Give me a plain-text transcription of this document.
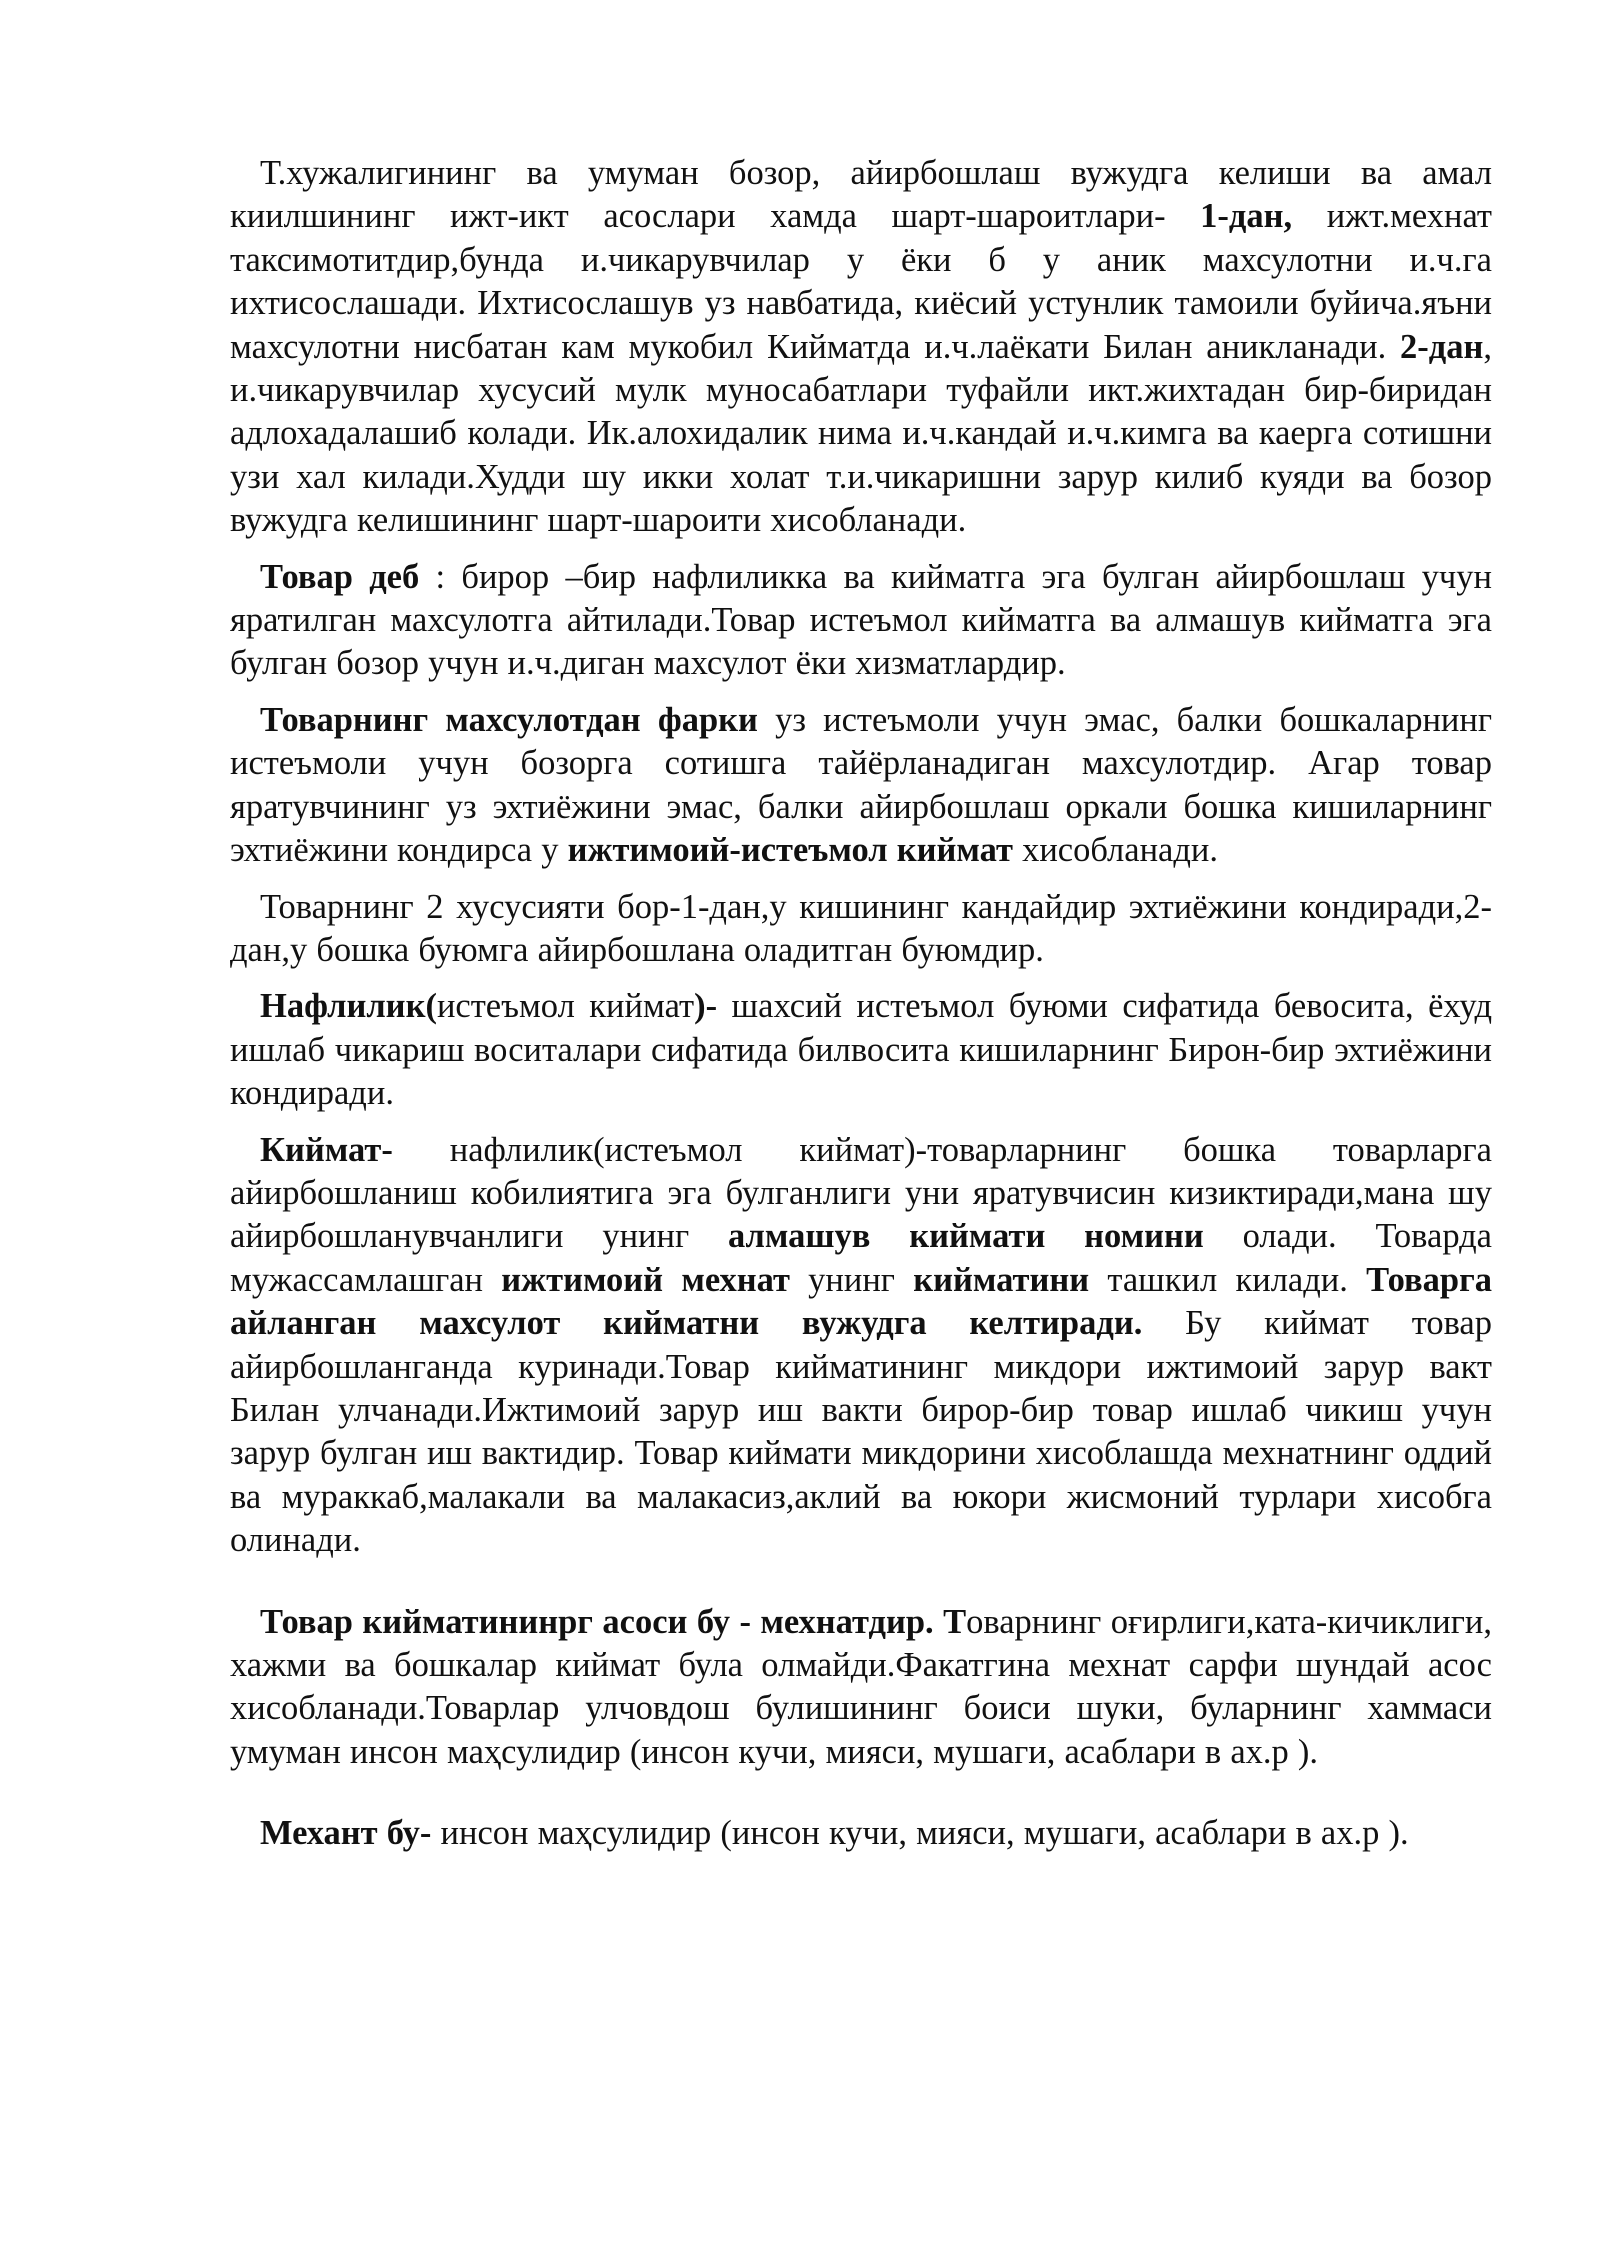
Т.хужалигининг ва умуман бозор, айирбошлаш вужудга келиши ва амал киилшининг ижт-икт асослари хамда шарт-шароитлари- 1-дан, ижт.мехнат таксимотитдир,бунда и.чикарувчилар у ёки б у аник махсулотни и.ч.га ихтисослашади. Ихтисослашув уз навбатида, киёсий устунлик тамоили буйича.яъни махсулотни нисбатан кам мукобил Кийматда и.ч.лаёкати Билан аникланади. 2-дан, и.чикарувчилар хусусий мулк муносабатлари туфайли икт.жихтадан бир-биридан адлохадалашиб колади. Ик.алохидалик нима и.ч.кандай и.ч.кимга ва каерга сотишни узи хал килади.Худди шу икки холат т.и.чикаришни зарур килиб куяди ва бозор вужудга келишининг шарт-шароити хисобланади.

Товар деб : бирор –бир нафлиликка ва кийматга эга булган айирбошлаш учун яратилган махсулотга айтилади.Товар истеъмол кийматга ва алмашув кийматга эга булган бозор учун и.ч.диган махсулот ёки хизматлардир.

Товарнинг махсулотдан фарки уз истеъмоли учун эмас, балки бошкаларнинг истеъмоли учун бозорга сотишга тайёрланадиган махсулотдир. Агар товар яратувчининг уз эхтиёжини эмас, балки айирбошлаш оркали бошка кишиларнинг эхтиёжини кондирса у ижтимоий-истеъмол киймат хисобланади.

Товарнинг 2 хусусияти бор-1-дан,у кишининг кандайдир эхтиёжини кондиради,2-дан,у бошка буюмга айирбошлана оладитган буюмдир.

Нафлилик(истеъмол киймат)- шахсий истеъмол буюми сифатида бевосита, ёхуд ишлаб чикариш воситалари сифатида билвосита кишиларнинг Бирон-бир эхтиёжини кондиради.

Киймат- нафлилик(истеъмол киймат)-товарларнинг бошка товарларга айирбошланиш кобилиятига эга булганлиги уни яратувчисин кизиктиради,мана шу айирбошланувчанлиги унинг алмашув киймати номини олади. Товарда мужассамлашган ижтимоий мехнат унинг кийматини ташкил килади. Товарга айланган махсулот кийматни вужудга келтиради. Бу киймат товар айирбошланганда куринади.Товар кийматининг микдори ижтимоий зарур вакт Билан улчанади.Ижтимоий зарур иш вакти бирор-бир товар ишлаб чикиш учун зарур булган иш вактидир. Товар киймати микдорини хисоблашда мехнатнинг оддий ва мураккаб,малакали ва малакасиз,аклий ва юкори жисмоний турлари хисобга олинади.

Товар кийматининрг асоси бу - мехнатдир. Товарнинг оғирлиги,ката-кичиклиги, хажми ва бошкалар киймат була олмайди.Факатгина мехнат сарфи шундай асос хисобланади.Товарлар улчовдош булишининг боиси шуки, буларнинг хаммаси умуман инсон маҳсулидир (инсон кучи, мияси, мушаги, асаблари в ах.р ).

Механт бу- инсон маҳсулидир (инсон кучи, мияси, мушаги, асаблари в ах.р ).
